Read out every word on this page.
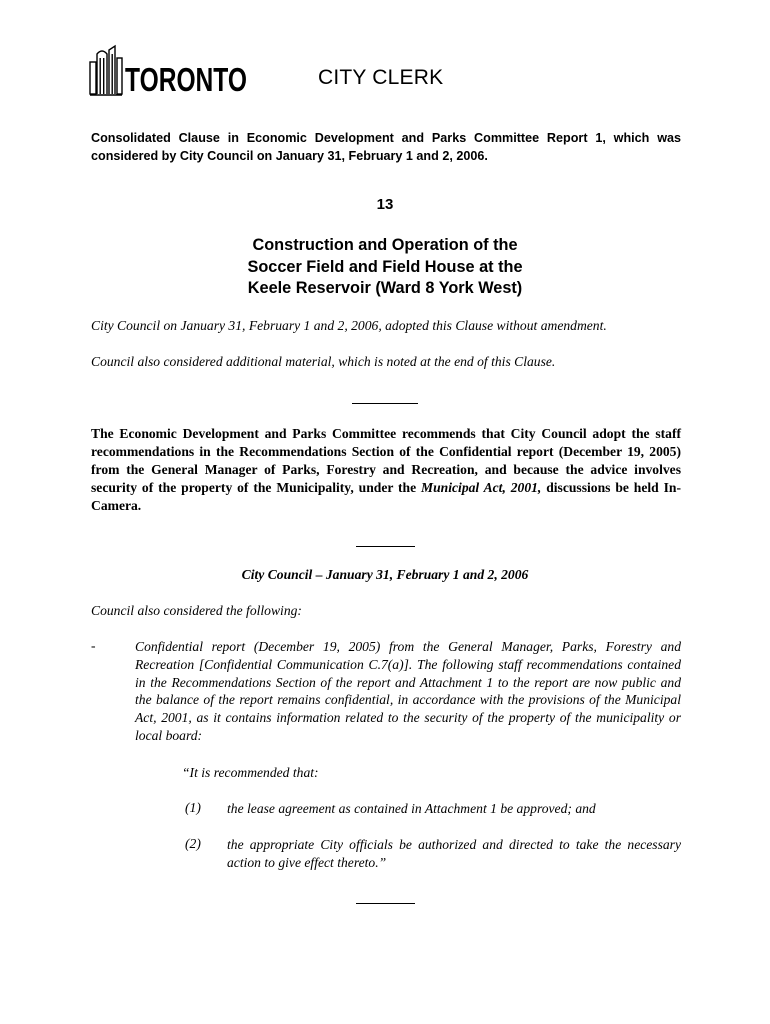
TORONTO	CITY CLERK
Consolidated Clause in Economic Development and Parks Committee Report 1, which was considered by City Council on January 31, February 1 and 2, 2006.
13
Construction and Operation of the
Soccer Field and Field House at the
Keele Reservoir (Ward 8 York West)
City Council on January 31, February 1 and 2, 2006, adopted this Clause without amendment.
Council also considered additional material, which is noted at the end of this Clause.
The Economic Development and Parks Committee recommends that City Council adopt the staff recommendations in the Recommendations Section of the Confidential report (December 19, 2005) from the General Manager of Parks, Forestry and Recreation, and because the advice involves security of the property of the Municipality, under the Municipal Act, 2001, discussions be held In-Camera.
City Council – January 31, February 1 and 2, 2006
Council also considered the following:
-	Confidential report (December 19, 2005) from the General Manager, Parks, Forestry and Recreation [Confidential Communication C.7(a)]. The following staff recommendations contained in the Recommendations Section of the report and Attachment 1 to the report are now public and the balance of the report remains confidential, in accordance with the provisions of the Municipal Act, 2001, as it contains information related to the security of the property of the municipality or local board:
“It is recommended that:
(1) the lease agreement as contained in Attachment 1 be approved; and
(2) the appropriate City officials be authorized and directed to take the necessary action to give effect thereto.”
